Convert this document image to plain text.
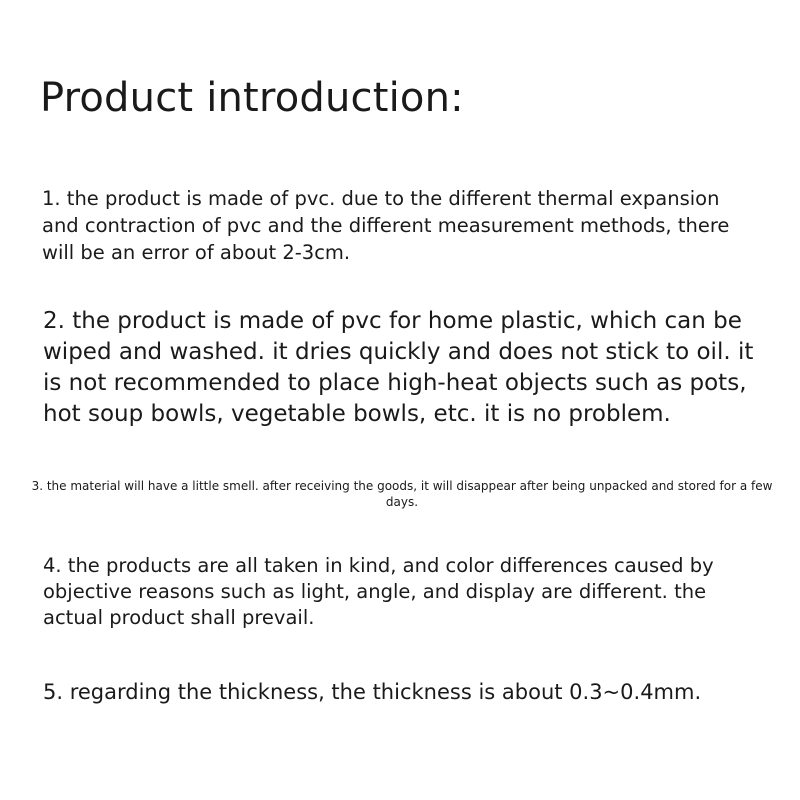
Product introduction:

1. the product is made of pvc. due to the different thermal expansion and contraction of pvc and the different measurement methods, there will be an error of about 2-3cm.

2. the product is made of pvc for home plastic, which can be wiped and washed. it dries quickly and does not stick to oil. it is not recommended to place high-heat objects such as pots, hot soup bowls, vegetable bowls, etc. it is no problem.

3. the material will have a little smell. after receiving the goods, it will disappear after being unpacked and stored for a few days.

4. the products are all taken in kind, and color differences caused by objective reasons such as light, angle, and display are different. the actual product shall prevail.

5. regarding the thickness, the thickness is about 0.3~0.4mm.
